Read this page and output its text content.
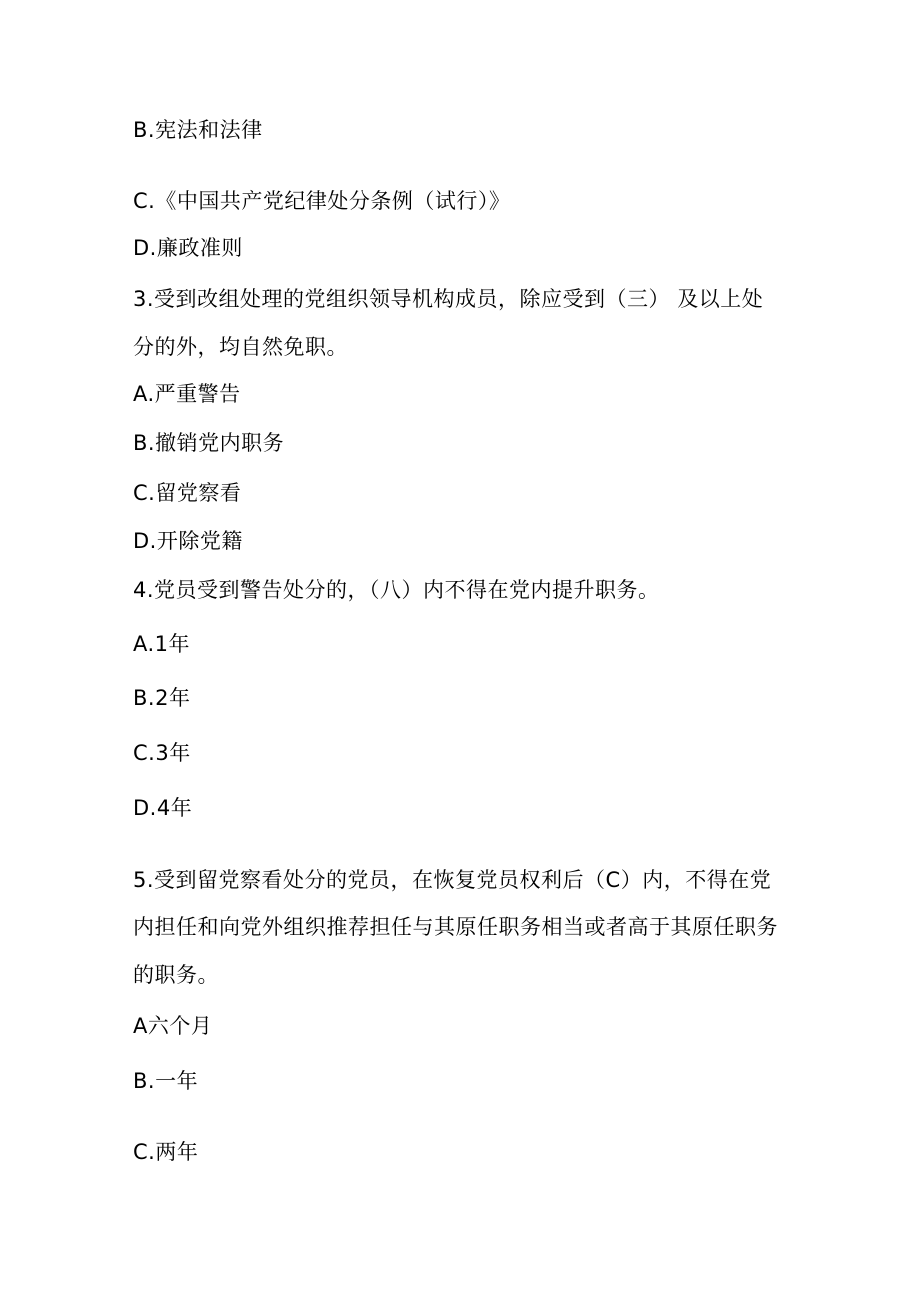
B.宪法和法律
C.《中国共产党纪律处分条例（试行）》
D.廉政准则
3.受到改组处理的党组织领导机构成员，除应受到（三） 及以上处
分的外，均自然免职。
A.严重警告
B.撤销党内职务
C.留党察看
D.开除党籍
4.党员受到警告处分的，（八）内不得在党内提升职务。
A.1年
B.2年
C.3年
D.4年
5.受到留党察看处分的党员，在恢复党员权利后（C）内，不得在党
内担任和向党外组织推荐担任与其原任职务相当或者高于其原任职务
的职务。
A六个月
B.一年
C.两年
